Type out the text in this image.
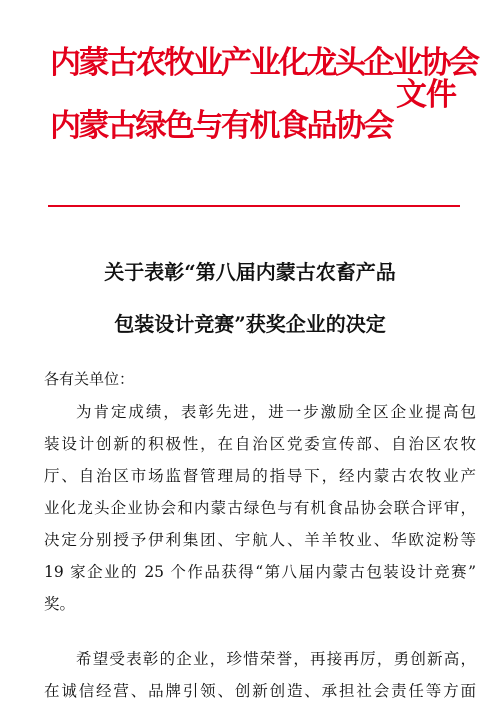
内蒙古农牧业产业化龙头企业协会
内蒙古绿色与有机食品协会
文件
关于表彰“第八届内蒙古农畜产品
包装设计竞赛”获奖企业的决定
各有关单位：
为肯定成绩，表彰先进，进一步激励全区企业提高包
装设计创新的积极性，在自治区党委宣传部、自治区农牧
厅、自治区市场监督管理局的指导下，经内蒙古农牧业产
业化龙头企业协会和内蒙古绿色与有机食品协会联合评审，
决定分别授予伊利集团、宇航人、羊羊牧业、华欧淀粉等
19 家企业的 25 个作品获得“第八届内蒙古包装设计竞赛”
奖。
希望受表彰的企业，珍惜荣誉，再接再厉，勇创新高，
在诚信经营、品牌引领、创新创造、承担社会责任等方面
